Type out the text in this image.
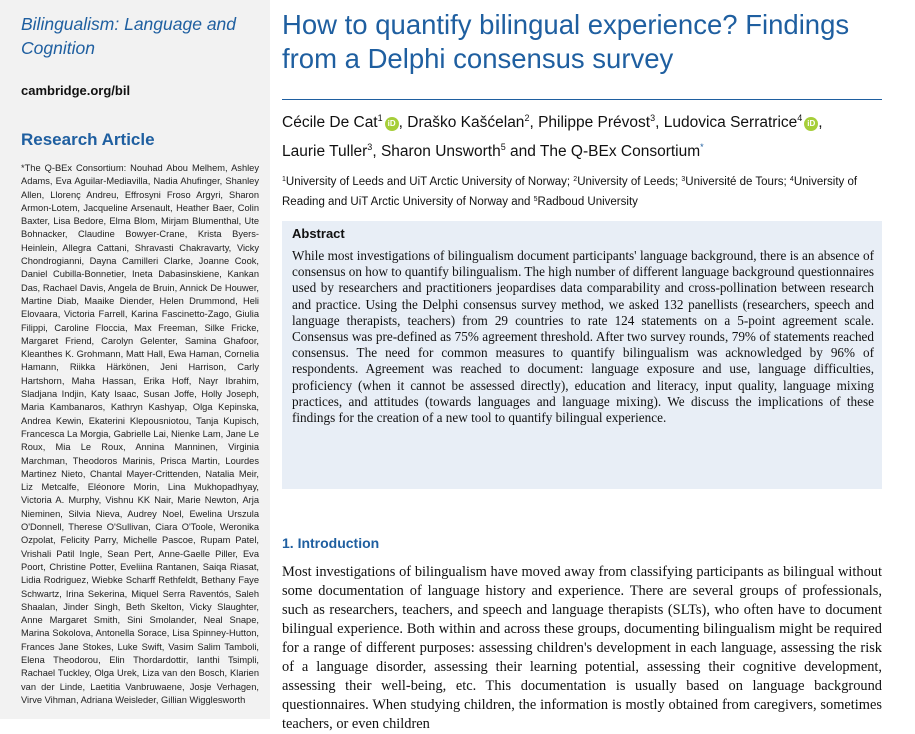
Bilingualism: Language and Cognition
cambridge.org/bil
Research Article
*The Q-BEx Consortium: Nouhad Abou Melhem, Ashley Adams, Eva Aguilar-Mediavilla, Nadia Ahufinger, Shanley Allen, Llorenç Andreu, Effrosyni Froso Argyri, Sharon Armon-Lotem, Jacqueline Arsenault, Heather Baer, Colin Baxter, Lisa Bedore, Elma Blom, Mirjam Blumenthal, Ute Bohnacker, Claudine Bowyer-Crane, Krista Byers-Heinlein, Allegra Cattani, Shravasti Chakravarty, Vicky Chondrogianni, Dayna Camilleri Clarke, Joanne Cook, Daniel Cubilla-Bonnetier, Ineta Dabasinskiene, Kankan Das, Rachael Davis, Angela de Bruin, Annick De Houwer, Martine Diab, Maaike Diender, Helen Drummond, Heli Elovaara, Victoria Farrell, Karina Fascinetto-Zago, Giulia Filippi, Caroline Floccia, Max Freeman, Silke Fricke, Margaret Friend, Carolyn Gelenter, Samina Ghafoor, Kleanthes K. Grohmann, Matt Hall, Ewa Haman, Cornelia Hamann, Riikka Härkönen, Jeni Harrison, Carly Hartshorn, Maha Hassan, Erika Hoff, Nayr Ibrahim, Sladjana Indjin, Katy Isaac, Susan Joffe, Holly Joseph, Maria Kambanaros, Kathryn Kashyap, Olga Kepinska, Andrea Kewin, Ekaterini Klepousniotou, Tanja Kupisch, Francesca La Morgia, Gabrielle Lai, Nienke Lam, Jane Le Roux, Mia Le Roux, Annina Manninen, Virginia Marchman, Theodoros Marinis, Prisca Martin, Lourdes Martinez Nieto, Chantal Mayer-Crittenden, Natalia Meir, Liz Metcalfe, Eléonore Morin, Lina Mukhopadhyay, Victoria A. Murphy, Vishnu KK Nair, Marie Newton, Arja Nieminen, Silvia Nieva, Audrey Noel, Ewelina Urszula O'Donnell, Therese O'Sullivan, Ciara O'Toole, Weronika Ozpolat, Felicity Parry, Michelle Pascoe, Rupam Patel, Vrishali Patil Ingle, Sean Pert, Anne-Gaelle Piller, Eva Poort, Christine Potter, Eveliina Rantanen, Saiqa Riasat, Lidia Rodriguez, Wiebke Scharff Rethfeldt, Bethany Faye Schwartz, Irina Sekerina, Miquel Serra Raventós, Saleh Shaalan, Jinder Singh, Beth Skelton, Vicky Slaughter, Anne Margaret Smith, Sini Smolander, Neal Snape, Marina Sokolova, Antonella Sorace, Lisa Spinney-Hutton, Frances Jane Stokes, Luke Swift, Vasim Salim Tamboli, Elena Theodorou, Elin Thordardottir, Ianthi Tsimpli, Rachael Tuckley, Olga Urek, Liza van den Bosch, Klarien van der Linde, Laetitia Vanbruwaene, Josje Verhagen, Virve Vihman, Adriana Weisleder, Gillian Wigglesworth
How to quantify bilingual experience? Findings from a Delphi consensus survey
Cécile De Cat$^1$iD , Draško Kašćelan$^2$, Philippe Prévost$^3$, Ludovica Serratrice$^4$iD ,
Laurie Tuller$^3$, Sharon Unsworth$^5$ and The Q-BEx Consortium*
$^1$University of Leeds and UiT Arctic University of Norway; $^2$University of Leeds; $^3$Université de Tours; $^4$University of Reading and UiT Arctic University of Norway and $^5$Radboud University
Abstract
While most investigations of bilingualism document participants' language background, there is an absence of consensus on how to quantify bilingualism. The high number of different language background questionnaires used by researchers and practitioners jeopardises data comparability and cross-pollination between research and practice. Using the Delphi consensus survey method, we asked 132 panellists (researchers, speech and language therapists, teachers) from 29 countries to rate 124 statements on a 5-point agreement scale. Consensus was pre-defined as 75% agreement threshold. After two survey rounds, 79% of statements reached consensus. The need for common measures to quantify bilingualism was acknowledged by 96% of respondents. Agreement was reached to document: language exposure and use, language difficulties, proficiency (when it cannot be assessed directly), education and literacy, input quality, language mixing practices, and attitudes (towards languages and language mixing). We discuss the implications of these findings for the creation of a new tool to quantify bilingual experience.
1. Introduction
Most investigations of bilingualism have moved away from classifying participants as bilingual without some documentation of language history and experience. There are several groups of professionals, such as researchers, teachers, and speech and language therapists (SLTs), who often have to document bilingual experience. Both within and across these groups, documenting bilingualism might be required for a range of different purposes: assessing children's development in each language, assessing the risk of a language disorder, assessing their learning potential, assessing their cognitive development, assessing their well-being, etc. This documentation is usually based on language background questionnaires. When studying children, the information is mostly obtained from caregivers, sometimes teachers, or even children
